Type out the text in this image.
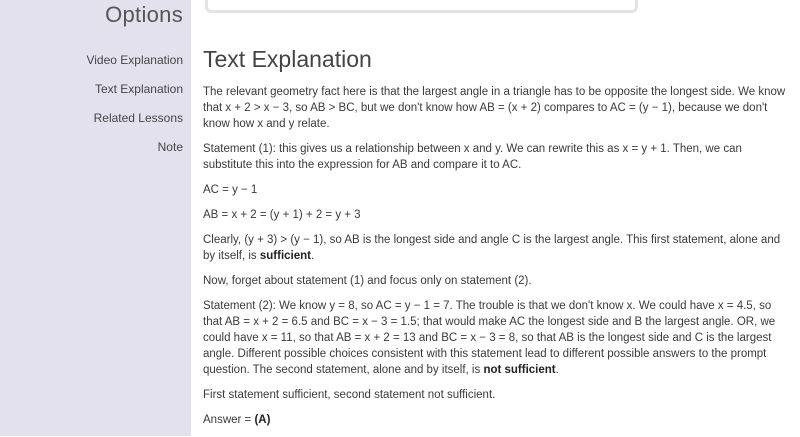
Options
Video Explanation
Text Explanation
Related Lessons
Note
Text Explanation

The relevant geometry fact here is that the largest angle in a triangle has to be opposite the longest side. We know that x + 2 > x − 3, so AB > BC, but we don't know how AB = (x + 2) compares to AC = (y − 1), because we don't know how x and y relate.

Statement (1): this gives us a relationship between x and y. We can rewrite this as x = y + 1. Then, we can substitute this into the expression for AB and compare it to AC.

AC = y − 1

AB = x + 2 = (y + 1) + 2 = y + 3

Clearly, (y + 3) > (y − 1), so AB is the longest side and angle C is the largest angle. This first statement, alone and by itself, is sufficient.

Now, forget about statement (1) and focus only on statement (2).

Statement (2): We know y = 8, so AC = y − 1 = 7. The trouble is that we don't know x. We could have x = 4.5, so that AB = x + 2 = 6.5 and BC = x − 3 = 1.5; that would make AC the longest side and B the largest angle. OR, we could have x = 11, so that AB = x + 2 = 13 and BC = x − 3 = 8, so that AB is the longest side and C is the largest angle. Different possible choices consistent with this statement lead to different possible answers to the prompt question. The second statement, alone and by itself, is not sufficient.

First statement sufficient, second statement not sufficient.

Answer = (A)
